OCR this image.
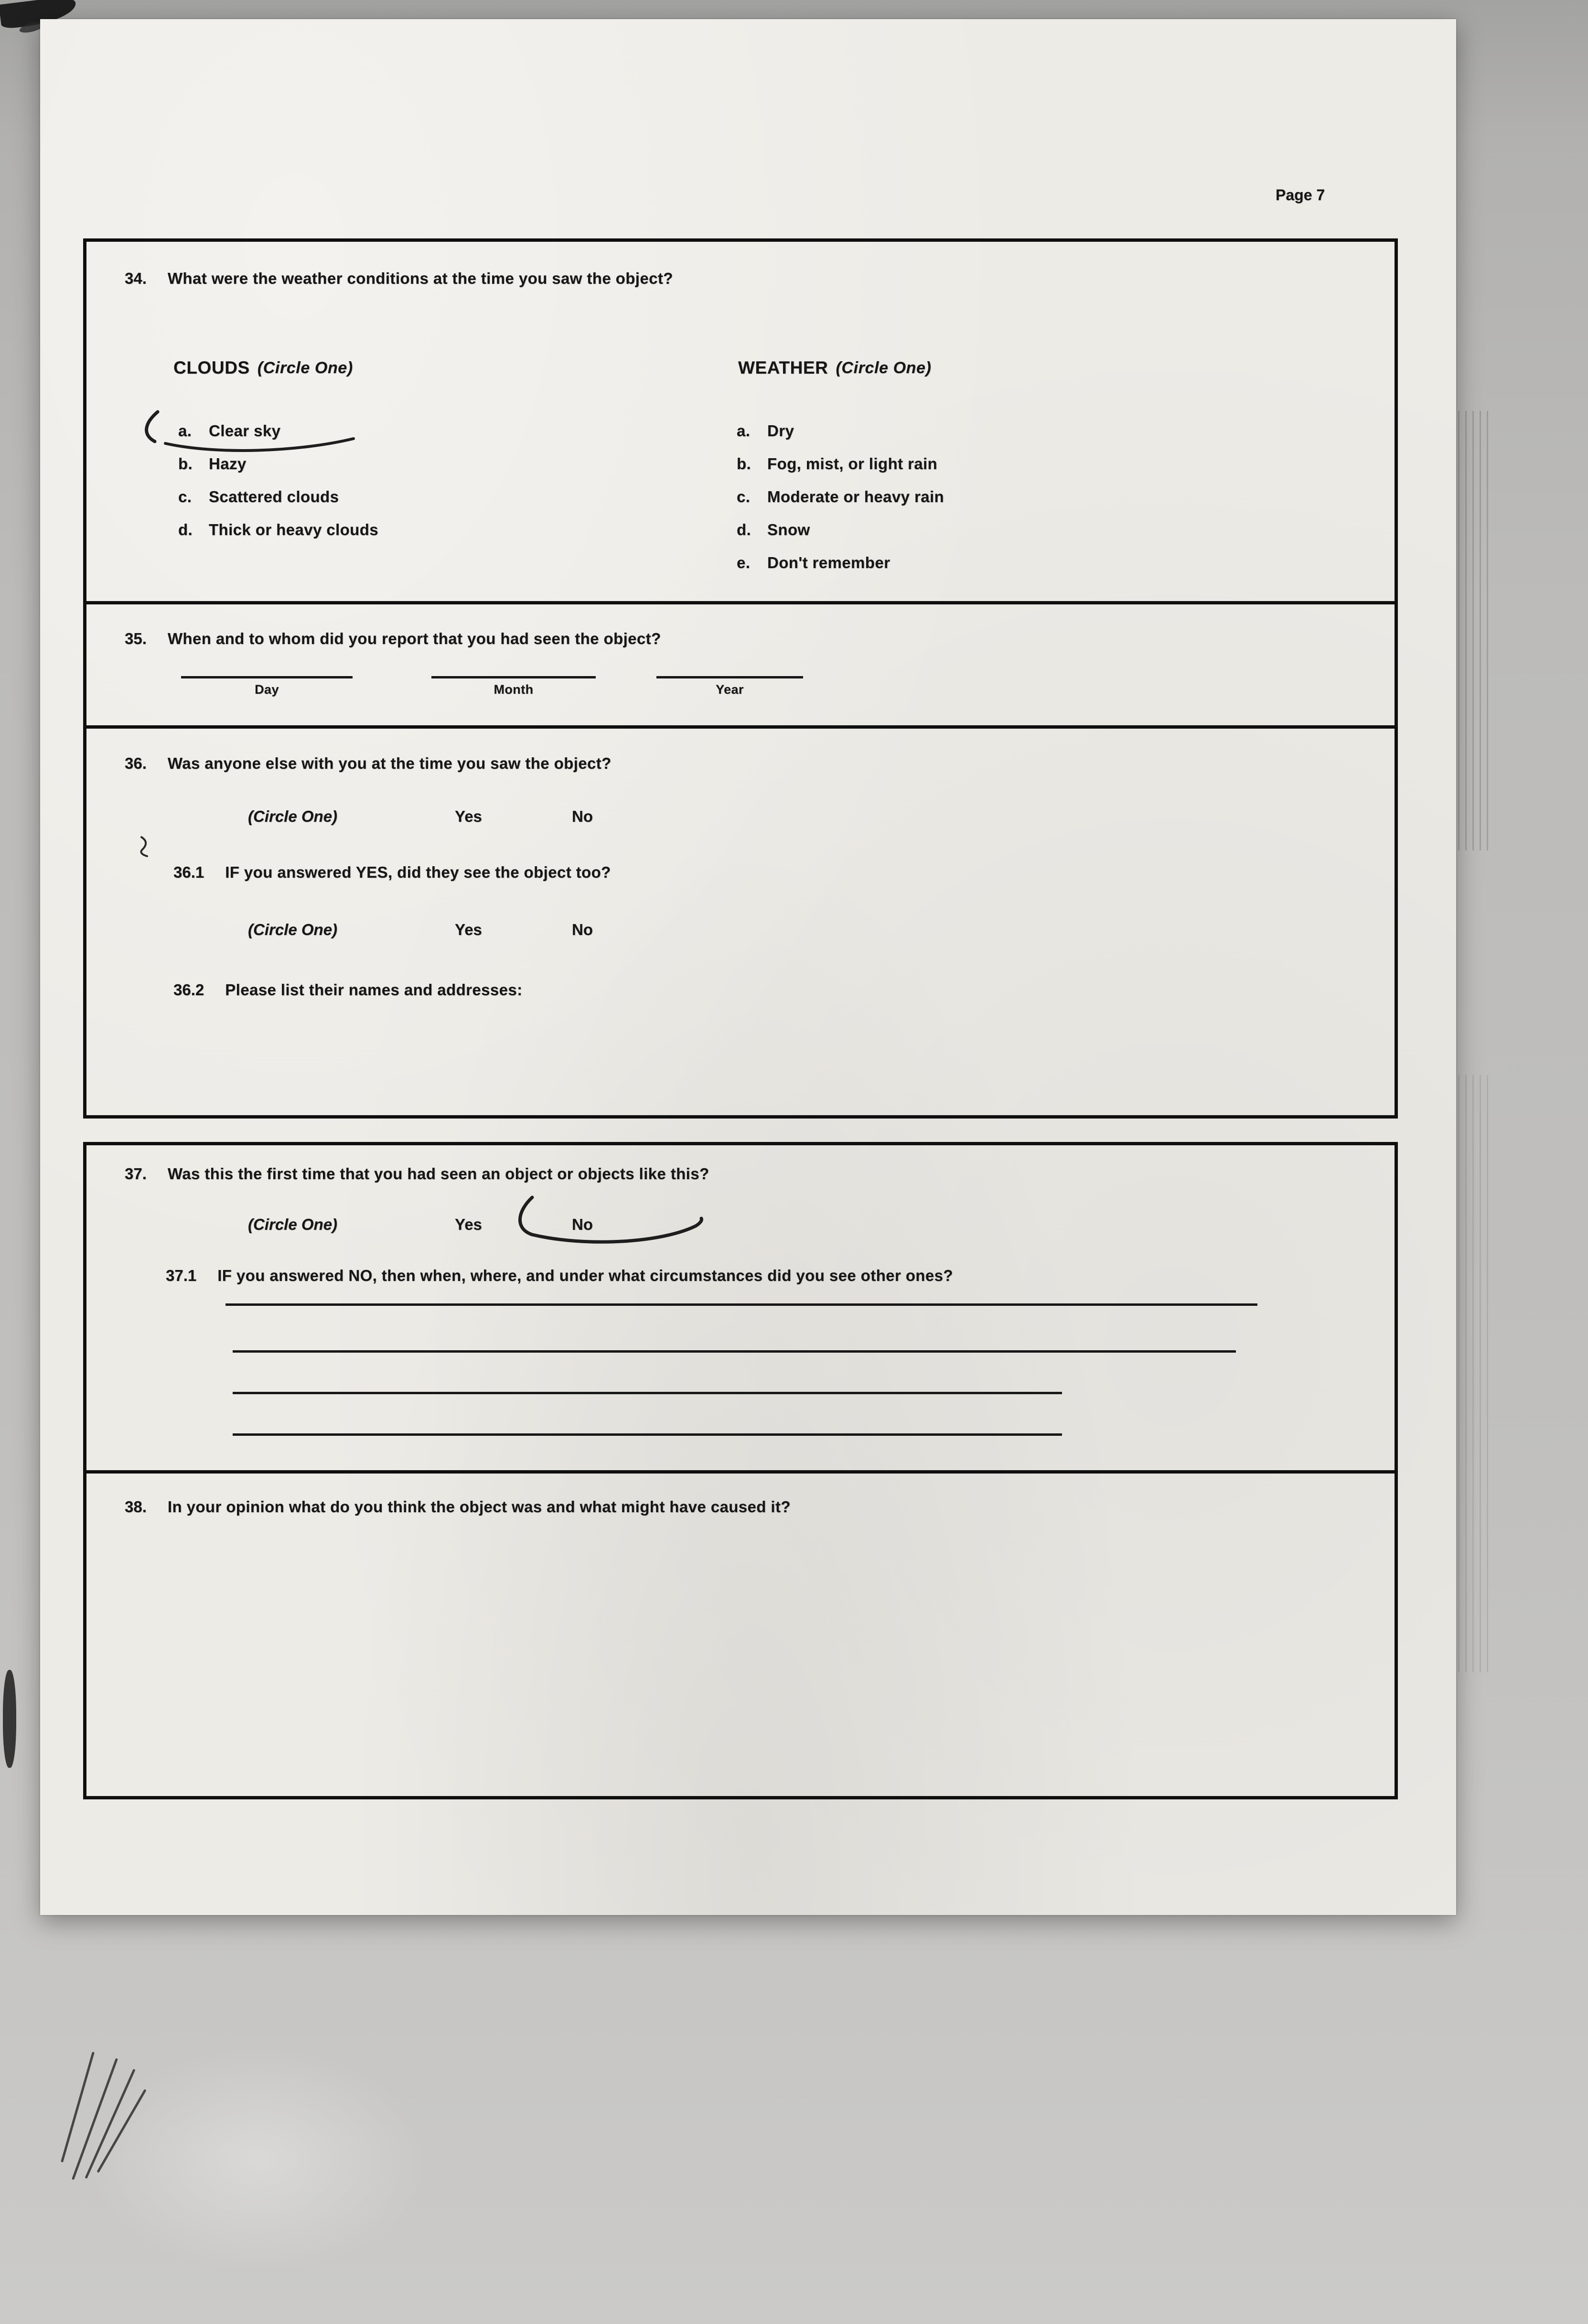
Page 7
34. What were the weather conditions at the time you saw the object?
CLOUDS (Circle One)	WEATHER (Circle One)
a.	Clear sky
b.	Hazy
c.	Scattered clouds
d.	Thick or heavy clouds
a.	Dry
b.	Fog, mist, or light rain
c.	Moderate or heavy rain
d.	Snow
e.	Don't remember
35. When and to whom did you report that you had seen the object?
Day	Month	Year
36. Was anyone else with you at the time you saw the object?
(Circle One)	Yes	No
36.1 IF you answered YES, did they see the object too?
(Circle One)	Yes	No
36.2 Please list their names and addresses:
37. Was this the first time that you had seen an object or objects like this?
(Circle One)	Yes	No
37.1 IF you answered NO, then when, where, and under what circumstances did you see other ones?
38. In your opinion what do you think the object was and what might have caused it?
